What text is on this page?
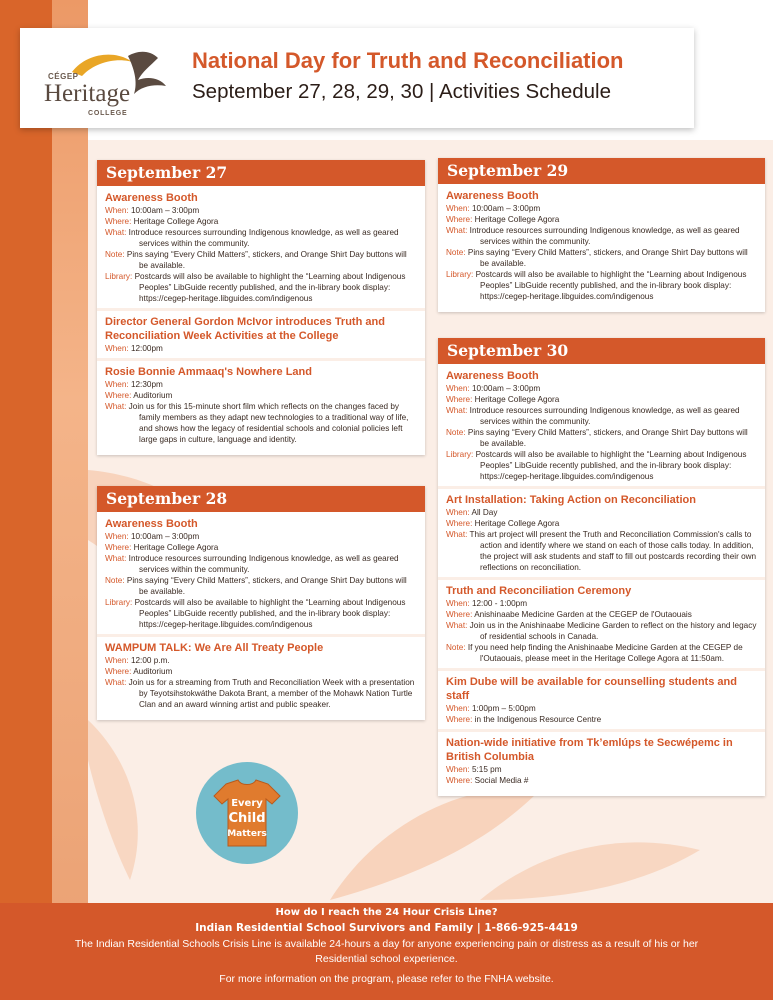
CÉGEP
Heritage
COLLEGE
National Day for Truth and Reconciliation
September 27, 28, 29, 30 | Activities Schedule
September 27
Awareness Booth
When: 10:00am – 3:00pm
Where: Heritage College Agora
What: Introduce resources surrounding Indigenous knowledge, as well as geared services within the community.
Note: Pins saying “Every Child Matters”, stickers, and Orange Shirt Day buttons will be available.
Library: Postcards will also be available to highlight the “Learning about Indigenous Peoples” LibGuide recently published, and the in-library book display: https://cegep-heritage.libguides.com/indigenous
Director General Gordon McIvor introduces Truth and Reconciliation Week Activities at the College
When: 12:00pm
Rosie Bonnie Ammaaq's Nowhere Land
When: 12:30pm
Where: Auditorium
What: Join us for this 15-minute short film which reflects on the changes faced by family members as they adapt new technologies to a traditional way of life, and shows how the legacy of residential schools and colonial policies left large gaps in culture, language and identity.
September 28
Awareness Booth
When: 10:00am – 3:00pm
Where: Heritage College Agora
What: Introduce resources surrounding Indigenous knowledge, as well as geared services within the community.
Note: Pins saying “Every Child Matters”, stickers, and Orange Shirt Day buttons will be available.
Library: Postcards will also be available to highlight the “Learning about Indigenous Peoples” LibGuide recently published, and the in-library book display: https://cegep-heritage.libguides.com/indigenous
WAMPUM TALK: We Are All Treaty People
When: 12:00 p.m.
Where: Auditorium
What: Join us for a streaming from Truth and Reconciliation Week with a presentation by Teyotsihstokwáthe Dakota Brant, a member of the Mohawk Nation Turtle Clan and an award winning artist and public speaker.
September 29
Awareness Booth
When: 10:00am – 3:00pm
Where: Heritage College Agora
What: Introduce resources surrounding Indigenous knowledge, as well as geared services within the community.
Note: Pins saying “Every Child Matters”, stickers, and Orange Shirt Day buttons will be available.
Library: Postcards will also be available to highlight the “Learning about Indigenous Peoples” LibGuide recently published, and the in-library book display: https://cegep-heritage.libguides.com/indigenous
September 30
Awareness Booth
When: 10:00am – 3:00pm
Where: Heritage College Agora
What: Introduce resources surrounding Indigenous knowledge, as well as geared services within the community.
Note: Pins saying “Every Child Matters”, stickers, and Orange Shirt Day buttons will be available.
Library: Postcards will also be available to highlight the “Learning about Indigenous Peoples” LibGuide recently published, and the in-library book display: https://cegep-heritage.libguides.com/indigenous
Art Installation: Taking Action on Reconciliation
When: All Day
Where: Heritage College Agora
What: This art project will present the Truth and Reconciliation Commission's calls to action and identify where we stand on each of those calls today. In addition, the project will ask students and staff to fill out postcards recording their own reflections on reconciliation.
Truth and Reconciliation Ceremony
When: 12:00 - 1:00pm
Where: Anishinaabe Medicine Garden at the CEGEP de l'Outaouais
What: Join us in the Anishinaabe Medicine Garden to reflect on the history and legacy of residential schools in Canada.
Note: If you need help finding the Anishinaabe Medicine Garden at the CEGEP de l'Outaouais, please meet in the Heritage College Agora at 11:50am.
Kim Dube will be available for counselling students and staff
When: 1:00pm – 5:00pm
Where: in the Indigenous Resource Centre
Nation-wide initiative from Tk’emlúps te Secwépemc in British Columbia
When: 5:15 pm
Where: Social Media #
Every
Child
Matters
How do I reach the 24 Hour Crisis Line?
Indian Residential School Survivors and Family | 1-866-925-4419
The Indian Residential Schools Crisis Line is available 24-hours a day for anyone experiencing pain or distress as a result of his or her Residential school experience.
For more information on the program, please refer to the FNHA website.
